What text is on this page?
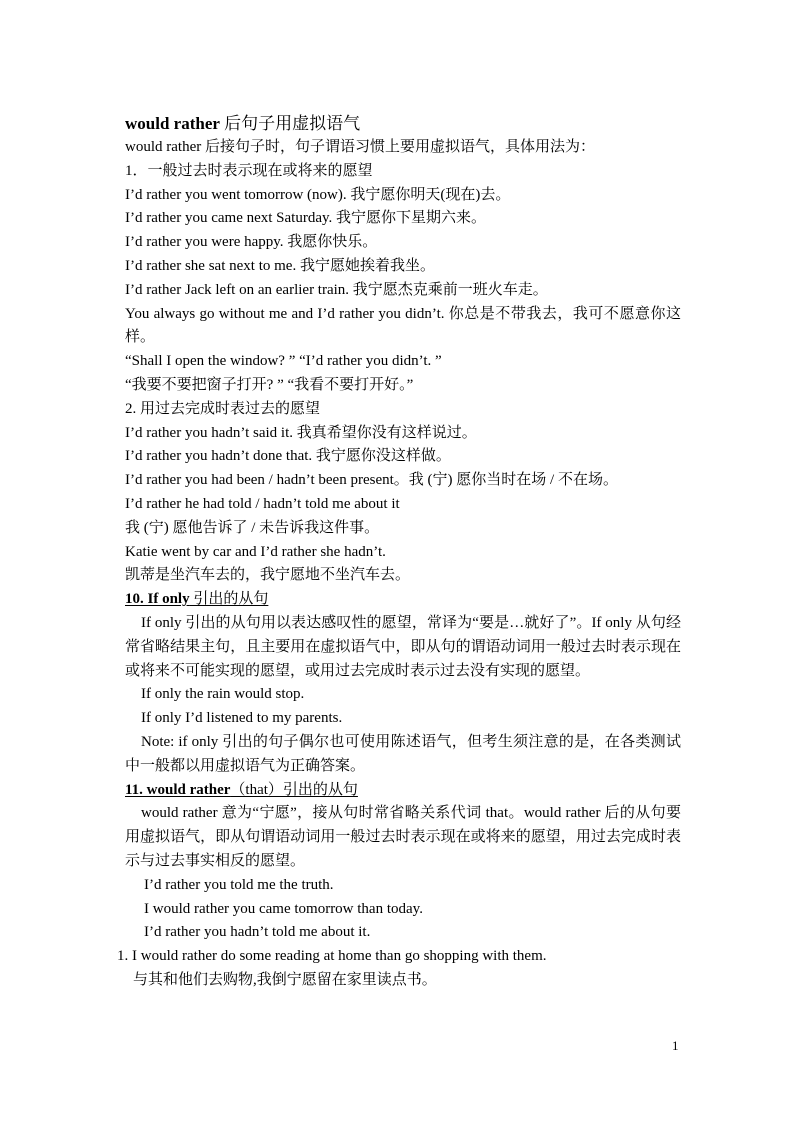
would rather 后句子用虚拟语气

would rather 后接句子时，句子谓语习惯上要用虚拟语气，具体用法为：

1．一般过去时表示现在或将来的愿望

I’d rather you went tomorrow (now). 我宁愿你明天(现在)去。

I’d rather you came next Saturday. 我宁愿你下星期六来。

I’d rather you were happy. 我愿你快乐。

I’d rather she sat next to me. 我宁愿她挨着我坐。

I’d rather Jack left on an earlier train. 我宁愿杰克乘前一班火车走。

You always go without me and I’d rather you didn’t. 你总是不带我去，我可不愿意你这样。

“Shall I open the window? ” “I’d rather you didn’t. ”

“我要不要把窗子打开? ” “我看不要打开好。”

2. 用过去完成时表过去的愿望

I’d rather you hadn’t said it. 我真希望你没有这样说过。

I’d rather you hadn’t done that. 我宁愿你没这样做。

I’d rather you had been / hadn’t been present。我 (宁) 愿你当时在场 / 不在场。

I’d rather he had told / hadn’t told me about it

我 (宁) 愿他告诉了 / 未告诉我这件事。

Katie went by car and I’d rather she hadn’t.

凯蒂是坐汽车去的，我宁愿地不坐汽车去。

10. If only 引出的从句

If only 引出的从句用以表达感叹性的愿望，常译为“要是…就好了”。If only 从句经常省略结果主句，且主要用在虚拟语气中，即从句的谓语动词用一般过去时表示现在或将来不可能实现的愿望，或用过去完成时表示过去没有实现的愿望。

If only the rain would stop.

If only I’d listened to my parents.

Note: if only 引出的句子偶尔也可使用陈述语气，但考生须注意的是，在各类测试中一般都以用虚拟语气为正确答案。

11. would rather（that）引出的从句

would rather 意为“宁愿”，接从句时常省略关系代词 that。would rather 后的从句要用虚拟语气，即从句谓语动词用一般过去时表示现在或将来的愿望，用过去完成时表示与过去事实相反的愿望。

I’d rather you told me the truth.

I would rather you came tomorrow than today.

I’d rather you hadn’t told me about it.

1. I would rather do some reading at home than go shopping with them.

与其和他们去购物,我倒宁愿留在家里读点书。

1
